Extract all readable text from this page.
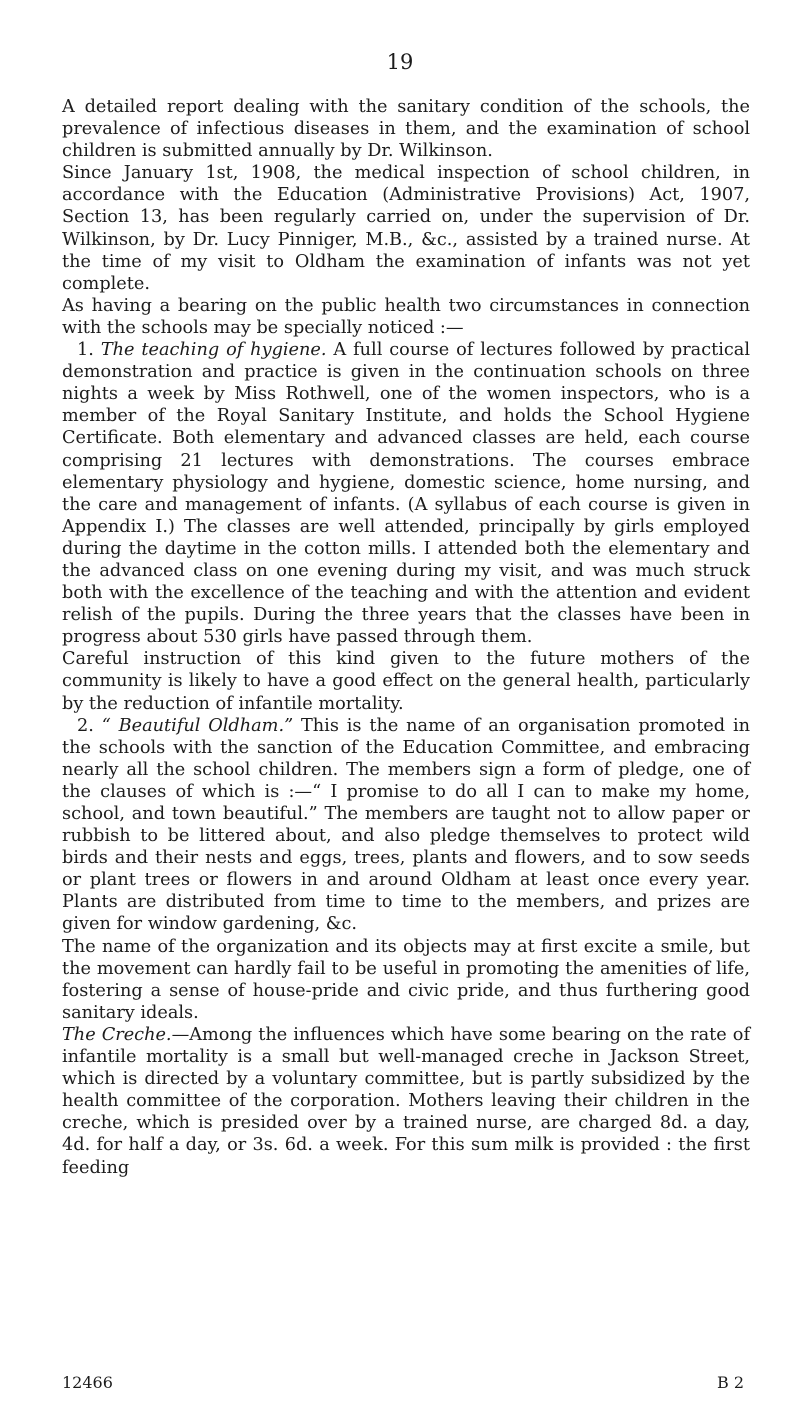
19

A detailed report dealing with the sanitary condition of the schools, the prevalence of infectious diseases in them, and the examination of school children is submitted annually by Dr. Wilkinson.

Since January 1st, 1908, the medical inspection of school children, in accordance with the Education (Administrative Provisions) Act, 1907, Section 13, has been regularly carried on, under the supervision of Dr. Wilkinson, by Dr. Lucy Pinniger, M.B., &c., assisted by a trained nurse. At the time of my visit to Oldham the examination of infants was not yet complete.

As having a bearing on the public health two circumstances in connection with the schools may be specially noticed :—

1. The teaching of hygiene. A full course of lectures followed by practical demonstration and practice is given in the continuation schools on three nights a week by Miss Rothwell, one of the women inspectors, who is a member of the Royal Sanitary Institute, and holds the School Hygiene Certificate. Both elementary and advanced classes are held, each course comprising 21 lectures with demonstrations. The courses embrace elementary physiology and hygiene, domestic science, home nursing, and the care and management of infants. (A syllabus of each course is given in Appendix I.) The classes are well attended, principally by girls employed during the daytime in the cotton mills. I attended both the elementary and the advanced class on one evening during my visit, and was much struck both with the excellence of the teaching and with the attention and evident relish of the pupils. During the three years that the classes have been in progress about 530 girls have passed through them.

Careful instruction of this kind given to the future mothers of the community is likely to have a good effect on the general health, particularly by the reduction of infantile mortality.

2. “ Beautiful Oldham.” This is the name of an organisation promoted in the schools with the sanction of the Education Committee, and embracing nearly all the school children. The members sign a form of pledge, one of the clauses of which is :—“ I promise to do all I can to make my home, school, and town beautiful.” The members are taught not to allow paper or rubbish to be littered about, and also pledge themselves to protect wild birds and their nests and eggs, trees, plants and flowers, and to sow seeds or plant trees or flowers in and around Oldham at least once every year. Plants are distributed from time to time to the members, and prizes are given for window gardening, &c.

The name of the organization and its objects may at first excite a smile, but the movement can hardly fail to be useful in promoting the amenities of life, fostering a sense of house-pride and civic pride, and thus furthering good sanitary ideals.

The Creche.—Among the influences which have some bearing on the rate of infantile mortality is a small but well-managed creche in Jackson Street, which is directed by a voluntary committee, but is partly subsidized by the health committee of the corporation. Mothers leaving their children in the creche, which is presided over by a trained nurse, are charged 8d. a day, 4d. for half a day, or 3s. 6d. a week. For this sum milk is provided : the first feeding

12466	B 2
